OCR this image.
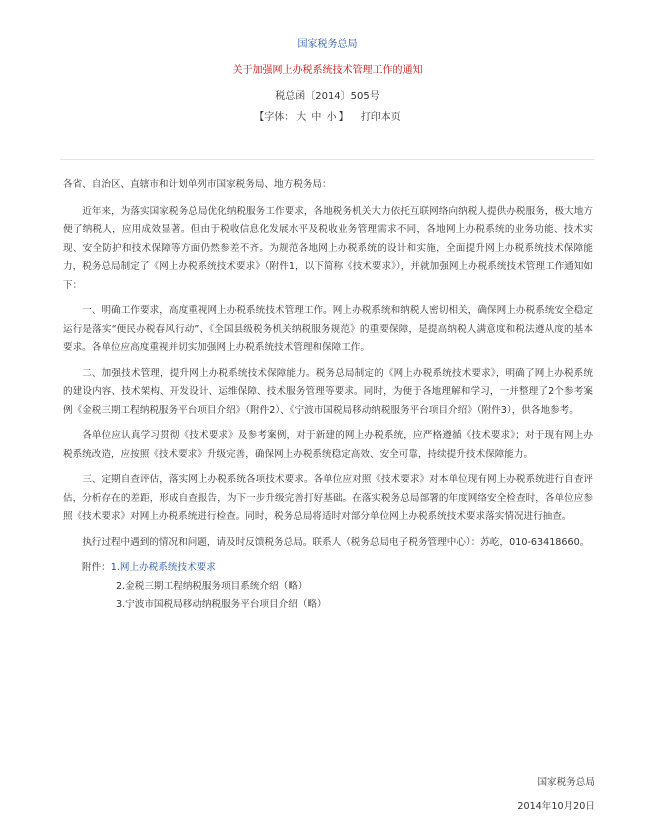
国家税务总局
关于加强网上办税系统技术管理工作的通知
税总函〔2014〕505号
【字体： 大 中 小 】 打印本页

各省、自治区、直辖市和计划单列市国家税务局、地方税务局：

近年来，为落实国家税务总局优化纳税服务工作要求，各地税务机关大力依托互联网络向纳税人提供办税服务，极大地方便了纳税人，应用成效显著。但由于税收信息化发展水平及税收业务管理需求不同，各地网上办税系统的业务功能、技术实现、安全防护和技术保障等方面仍然参差不齐。为规范各地网上办税系统的设计和实施，全面提升网上办税系统技术保障能力，税务总局制定了《网上办税系统技术要求》（附件1，以下简称《技术要求》），并就加强网上办税系统技术管理工作通知如下：

一、明确工作要求，高度重视网上办税系统技术管理工作。网上办税系统和纳税人密切相关，确保网上办税系统安全稳定运行是落实“便民办税春风行动”、《全国县级税务机关纳税服务规范》的重要保障，是提高纳税人满意度和税法遵从度的基本要求。各单位应高度重视并切实加强网上办税系统技术管理和保障工作。

二、加强技术管理，提升网上办税系统技术保障能力。税务总局制定的《网上办税系统技术要求》，明确了网上办税系统的建设内容、技术架构、开发设计、运维保障、技术服务管理等要求。同时，为便于各地理解和学习，一并整理了2个参考案例《金税三期工程纳税服务平台项目介绍》（附件2）、《宁波市国税局移动纳税服务平台项目介绍》（附件3），供各地参考。

各单位应认真学习贯彻《技术要求》及参考案例，对于新建的网上办税系统，应严格遵循《技术要求》；对于现有网上办税系统改造，应按照《技术要求》升级完善，确保网上办税系统稳定高效、安全可靠，持续提升技术保障能力。

三、定期自查评估，落实网上办税系统各项技术要求。各单位应对照《技术要求》对本单位现有网上办税系统进行自查评估，分析存在的差距，形成自查报告，为下一步升级完善打好基础。在落实税务总局部署的年度网络安全检查时，各单位应参照《技术要求》对网上办税系统进行检查。同时，税务总局将适时对部分单位网上办税系统技术要求落实情况进行抽查。

执行过程中遇到的情况和问题，请及时反馈税务总局。联系人（税务总局电子税务管理中心）：苏屹，010-63418660。

附件：1.网上办税系统技术要求

2.金税三期工程纳税服务项目系统介绍（略）

3.宁波市国税局移动纳税服务平台项目介绍（略）

国家税务总局
2014年10月20日
